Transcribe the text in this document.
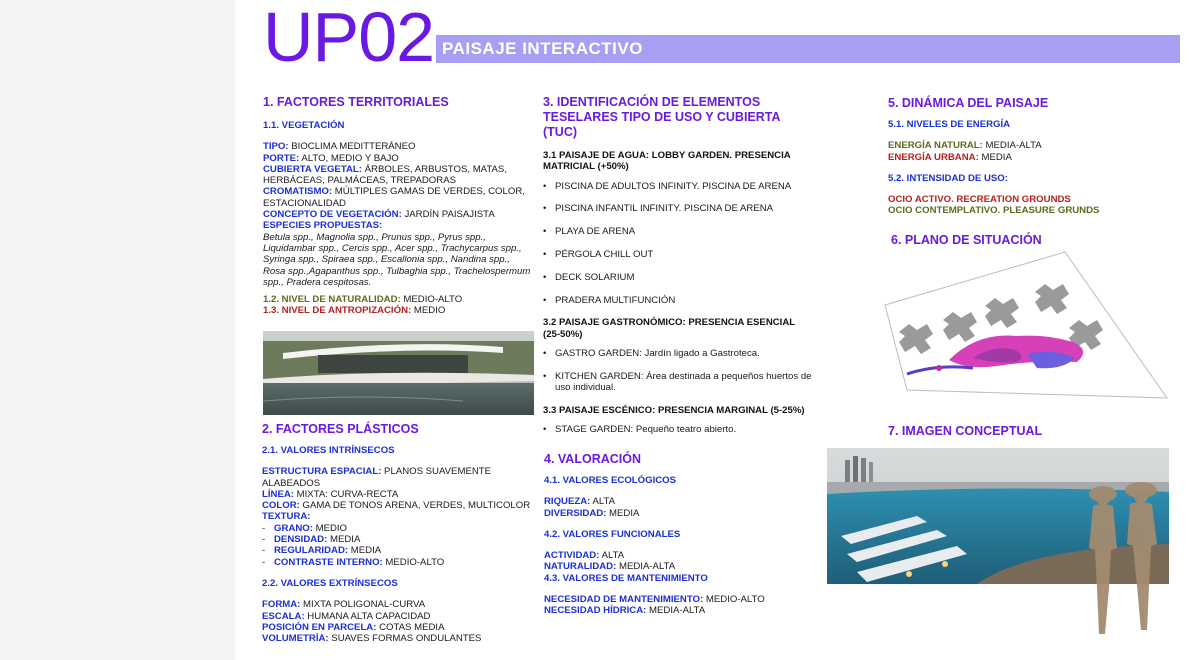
UP02 PAISAJE INTERACTIVO
1. FACTORES TERRITORIALES
1.1. VEGETACIÓN
TIPO: BIOCLIMA MEDITTERÁNEO
PORTE: ALTO, MEDIO Y BAJO
CUBIERTA VEGETAL: ÁRBOLES, ARBUSTOS, MATAS, HERBÁCEAS, PALMÁCEAS, TREPADORAS
CROMATISMO: MÚLTIPLES GAMAS DE VERDES, COLOR, ESTACIONALIDAD
CONCEPTO DE VEGETACIÓN: JARDÍN PAISAJISTA
ESPECIES PROPUESTAS:
Betula spp., Magnolia spp., Prunus spp., Pyrus spp., Liquidambar spp., Cercis spp., Acer spp., Trachycarpus spp., Syringa spp., Spiraea spp., Escallonia spp., Nandina spp., Rosa spp.,Agapanthus spp., Tulbaghia spp., Trachelospermum spp., Pradera cespitosas.
1.2. NIVEL DE NATURALIDAD: MEDIO-ALTO
1.3. NIVEL DE ANTROPIZACIÓN: MEDIO
2. FACTORES PLÁSTICOS
2.1. VALORES INTRÍNSECOS
ESTRUCTURA ESPACIAL: PLANOS SUAVEMENTE ALABEADOS
LÍNEA: MIXTA: CURVA-RECTA
COLOR: GAMA DE TONOS ARENA, VERDES, MULTICOLOR
TEXTURA:
- GRANO: MEDIO
- DENSIDAD: MEDIA
- REGULARIDAD: MEDIA
- CONTRASTE INTERNO: MEDIO-ALTO
2.2. VALORES EXTRÍNSECOS
FORMA: MIXTA POLIGONAL-CURVA
ESCALA: HUMANA ALTA CAPACIDAD
POSICIÓN EN PARCELA: COTAS MEDIA
VOLUMETRÍA: SUAVES FORMAS ONDULANTES
3. IDENTIFICACIÓN DE ELEMENTOS TESELARES TIPO DE USO Y CUBIERTA (TUC)
3.1 PAISAJE DE AGUA: LOBBY GARDEN. PRESENCIA MATRICIAL (+50%)
• PISCINA DE ADULTOS INFINITY. PISCINA DE ARENA
• PISCINA INFANTIL INFINITY. PISCINA DE ARENA
• PLAYA DE ARENA
• PÉRGOLA CHILL OUT
• DECK SOLARIUM
• PRADERA MULTIFUNCIÓN
3.2 PAISAJE GASTRONÓMICO: PRESENCIA ESENCIAL (25-50%)
• GASTRO GARDEN: Jardín ligado a Gastroteca.
• KITCHEN GARDEN: Área destinada a pequeños huertos de uso individual.
3.3 PAISAJE ESCÉNICO: PRESENCIA MARGINAL (5-25%)
• STAGE GARDEN: Pequeño teatro abierto.
4. VALORACIÓN
4.1. VALORES ECOLÓGICOS
RIQUEZA: ALTA
DIVERSIDAD: MEDIA
4.2. VALORES FUNCIONALES
ACTIVIDAD: ALTA
NATURALIDAD: MEDIA-ALTA
4.3. VALORES DE MANTENIMIENTO
NECESIDAD DE MANTENIMIENTO: MEDIO-ALTO
NECESIDAD HÍDRICA: MEDIA-ALTA
5. DINÁMICA DEL PAISAJE
5.1. NIVELES DE ENERGÍA
ENERGÍA NATURAL: MEDIA-ALTA
ENERGÍA URBANA: MEDIA
5.2. INTENSIDAD DE USO:
OCIO ACTIVO. RECREATION GROUNDS
OCIO CONTEMPLATIVO. PLEASURE GRUNDS
6. PLANO DE SITUACIÓN
7. IMAGEN CONCEPTUAL
